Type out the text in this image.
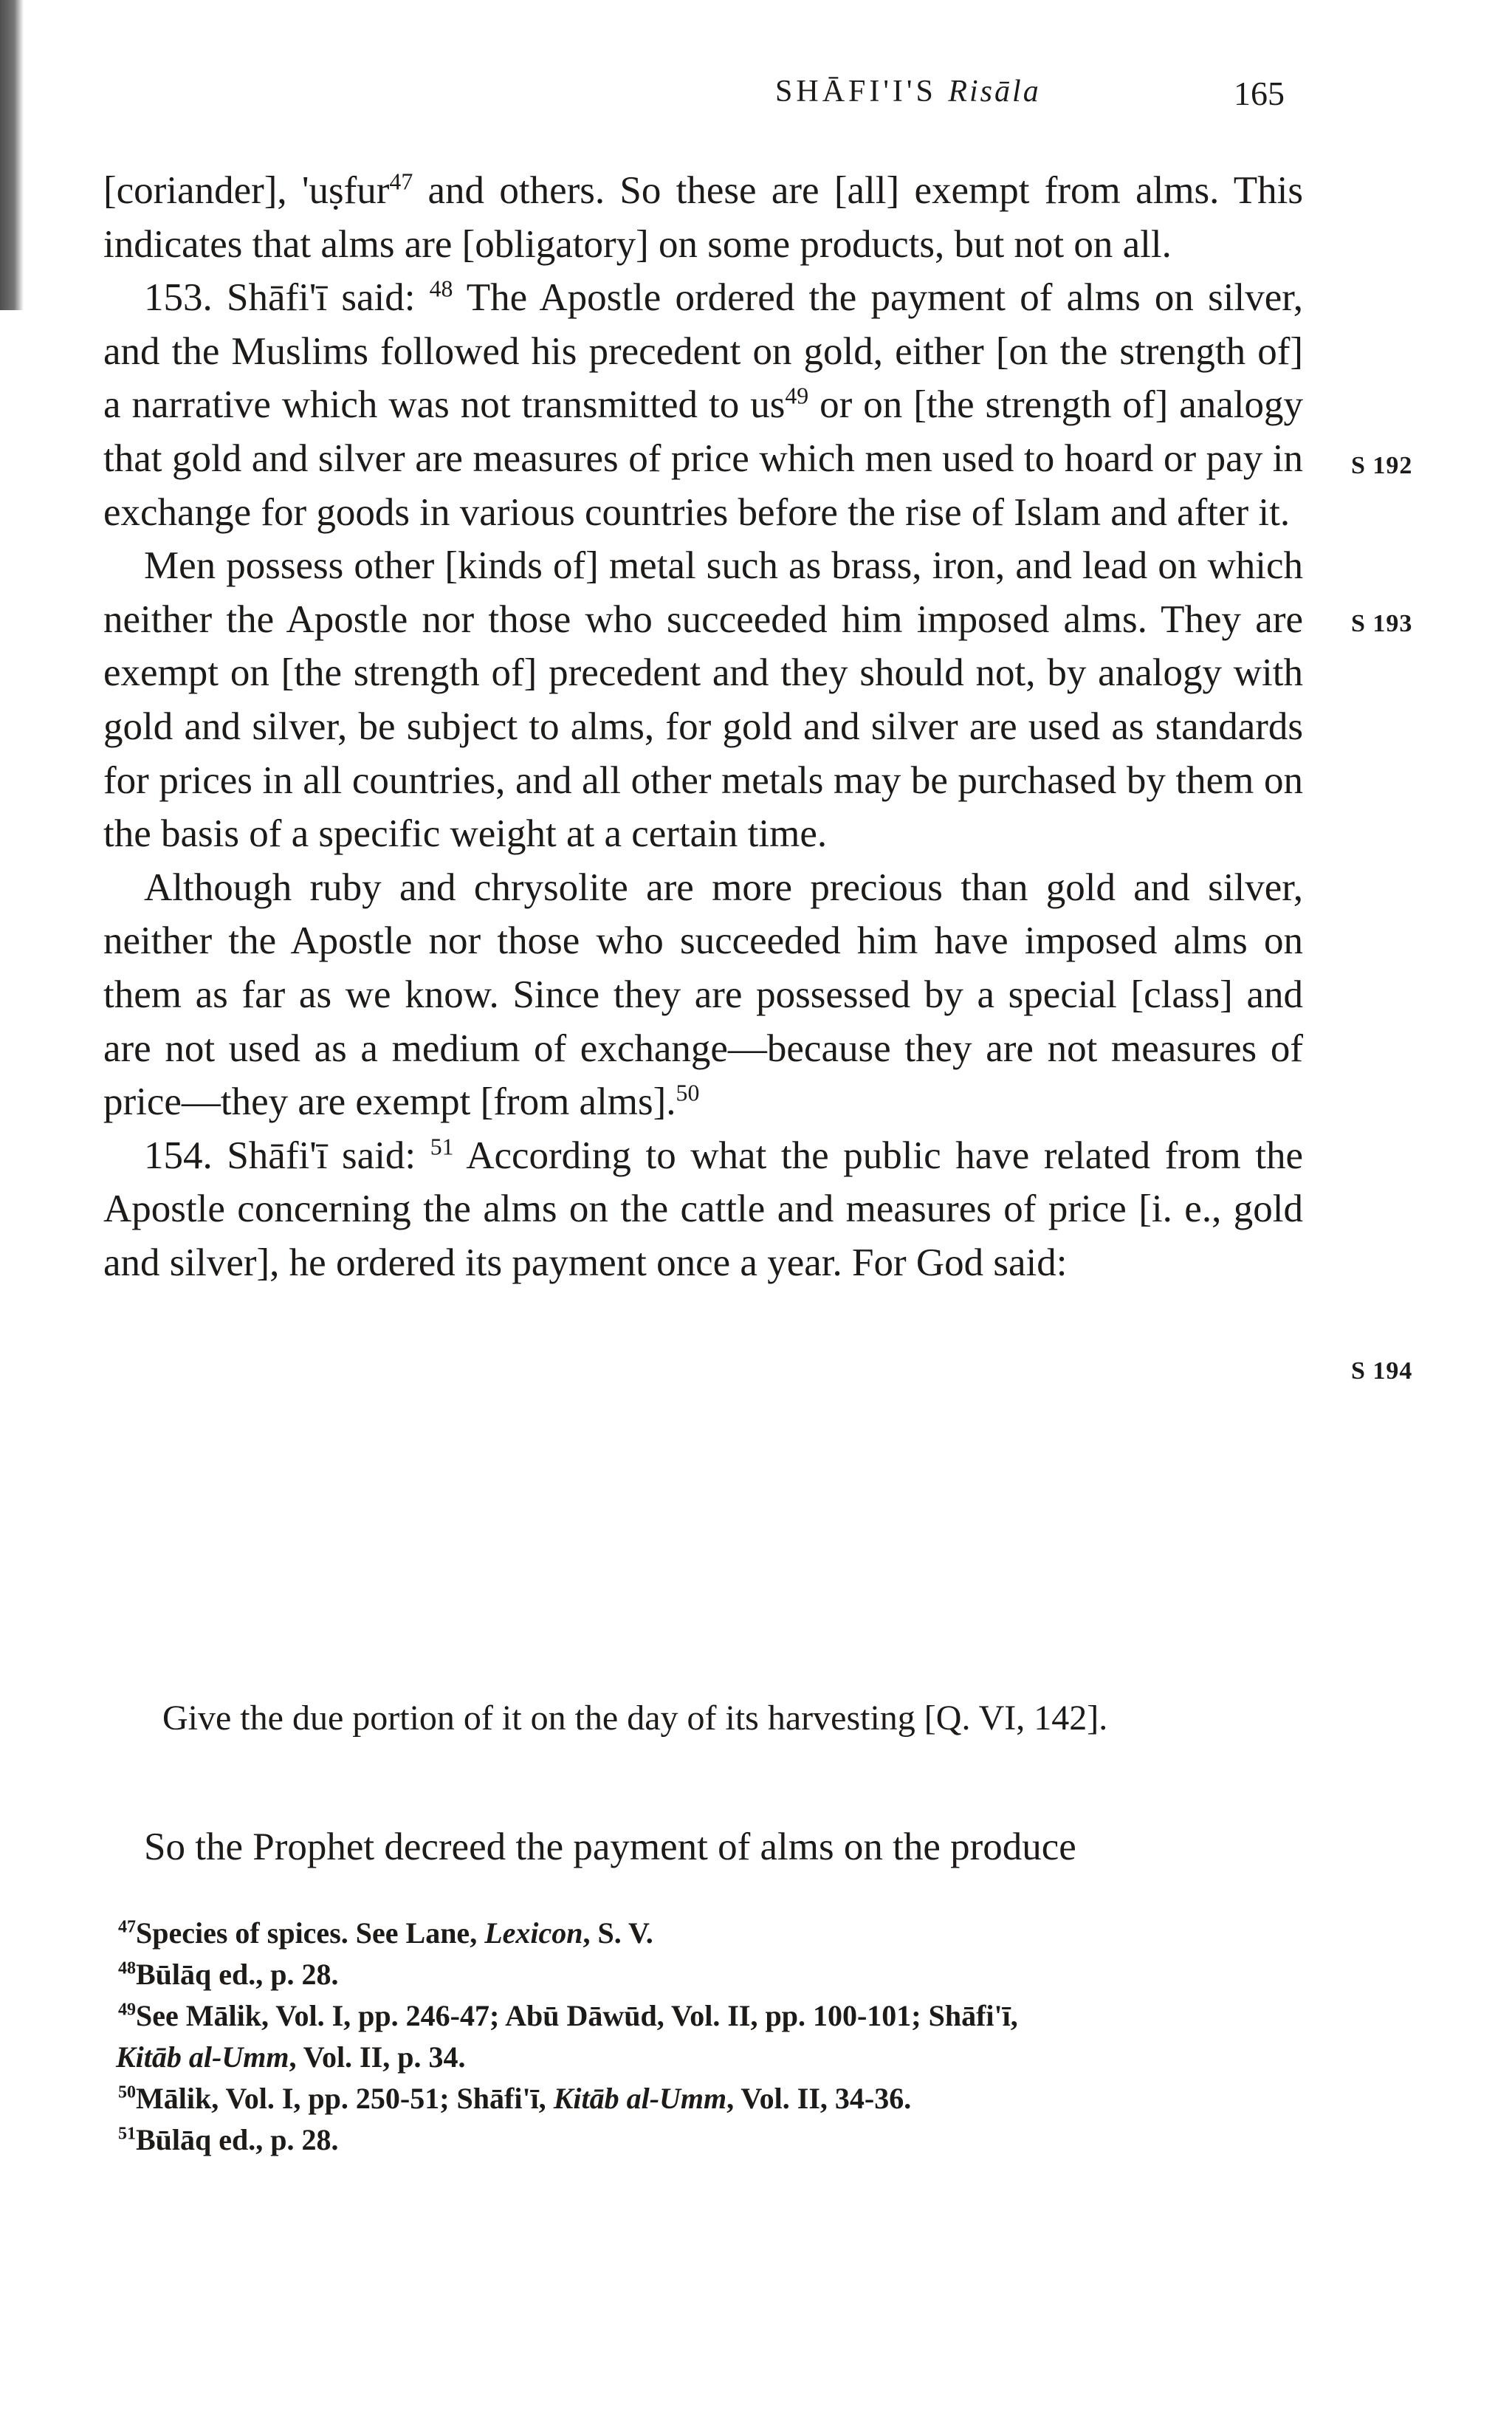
SHĀFI'I'S Risāla	165

[coriander], 'uṣfur$^{47}$ and others. So these are [all] exempt from alms. This indicates that alms are [obligatory] on some products, but not on all.

153. Shāfi'ī said: $^{48}$ The Apostle ordered the payment of alms on silver, and the Muslims followed his precedent on gold, either [on the strength of] a narrative which was not transmitted to $us^{49}$ or on [the strength of] analogy that gold and silver are measures of price which men used to hoard or pay in exchange for goods in various countries before the rise of Islam and after it.

Men possess other [kinds of] metal such as brass, iron, and lead on which neither the Apostle nor those who succeeded him imposed alms. They are exempt on [the strength of] precedent and they should not, by analogy with gold and silver, be subject to alms, for gold and silver are used as standards for prices in all countries, and all other metals may be purchased by them on the basis of a specific weight at a certain time.

Although ruby and chrysolite are more precious than gold and silver, neither the Apostle nor those who succeeded him have imposed alms on them as far as we know. Since they are possessed by a special [class] and are not used as a medium of exchange—because they are not measures of price—they are exempt [from alms].$^{50}$

154. Shāfi'ī said: $^{51}$ According to what the public have related from the Apostle concerning the alms on the cattle and measures of price [i. e., gold and silver], he ordered its payment once a year. For God said:

Give the due portion of it on the day of its harvesting [Q. VI, 142].
So the Prophet decreed the payment of alms on the produce
S 192
S 193
S 194
$^{47}$Species of spices. See Lane, Lexicon, S. V.
$^{48}$Būlāq ed., p. 28.
$^{49}$See Mālik, Vol. I, pp. 246-47; Abū Dāwūd, Vol. II, pp. 100-101; Shāfi'ī,
Kitāb al-Umm, Vol. II, p. 34.
$^{50}$Mālik, Vol. I, pp. 250-51; Shāfi'ī, Kitāb al-Umm, Vol. II, 34-36.
$^{51}$Būlāq ed., p. 28.
